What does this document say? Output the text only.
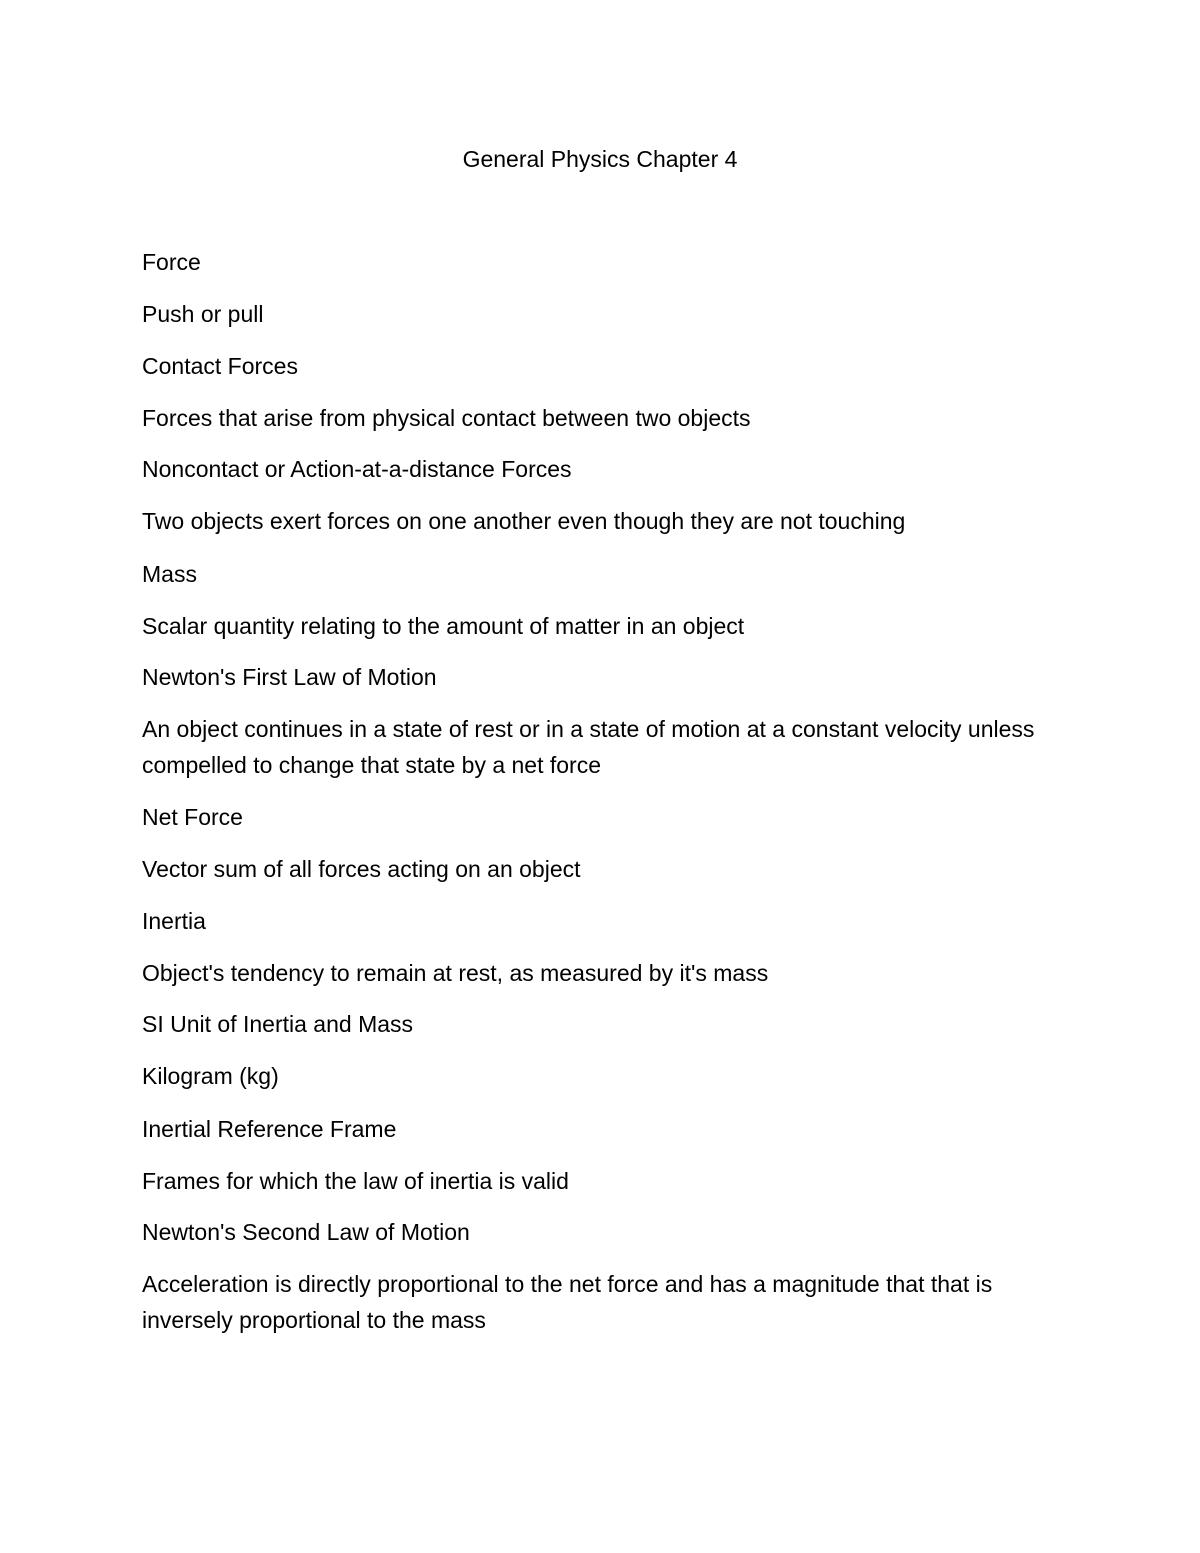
General Physics Chapter 4

Force

Push or pull

Contact Forces

Forces that arise from physical contact between two objects

Noncontact or Action-at-a-distance Forces

Two objects exert forces on one another even though they are not touching

Mass

Scalar quantity relating to the amount of matter in an object

Newton's First Law of Motion

An object continues in a state of rest or in a state of motion at a constant velocity unless compelled to change that state by a net force

Net Force

Vector sum of all forces acting on an object

Inertia

Object's tendency to remain at rest, as measured by it's mass

SI Unit of Inertia and Mass

Kilogram (kg)

Inertial Reference Frame

Frames for which the law of inertia is valid

Newton's Second Law of Motion

Acceleration is directly proportional to the net force and has a magnitude that that is inversely proportional to the mass
